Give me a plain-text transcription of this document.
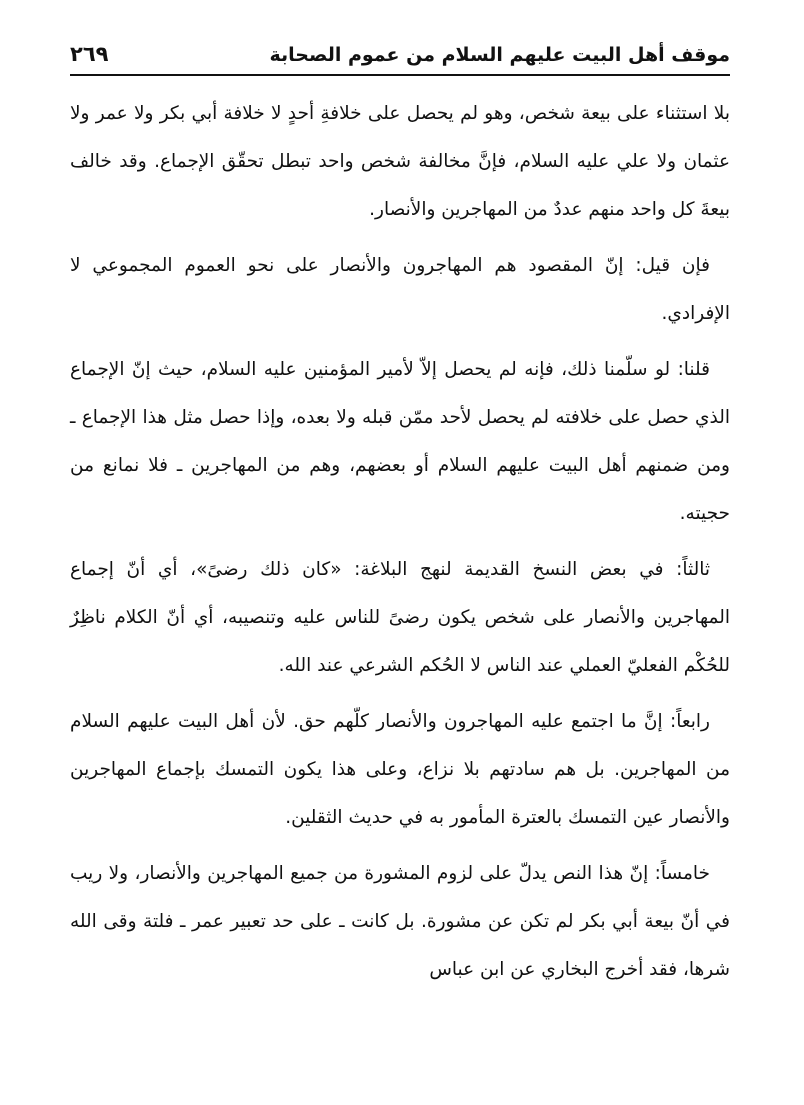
موقف أهل البيت عليهم السلام من عموم الصحابة
٢٦٩

بلا استثناء على بيعة شخص، وهو لم يحصل على خلافةِ أحدٍ لا خلافة أبي بكر ولا عمر ولا عثمان ولا علي عليه السلام، فإنَّ مخالفة شخص واحد تبطل تحقّق الإجماع. وقد خالف بيعةَ كل واحد منهم عددٌ من المهاجرين والأنصار.

فإن قيل: إنّ المقصود هم المهاجرون والأنصار على نحو العموم المجموعي لا الإفرادي.

قلنا: لو سلّمنا ذلك، فإنه لم يحصل إلاّ لأمير المؤمنين عليه السلام، حيث إنّ الإجماع الذي حصل على خلافته لم يحصل لأحد ممّن قبله ولا بعده، وإذا حصل مثل هذا الإجماع ـ ومن ضمنهم أهل البيت عليهم السلام أو بعضهم، وهم من المهاجرين ـ فلا نمانع من حجيته.

ثالثاً: في بعض النسخ القديمة لنهج البلاغة: «كان ذلك رضىً»، أي أنّ إجماع المهاجرين والأنصار على شخص يكون رضىً للناس عليه وتنصيبه، أي أنّ الكلام ناظِرٌ للحُكْم الفعليّ العملي عند الناس لا الحُكم الشرعي عند الله.

رابعاً: إنَّ ما اجتمع عليه المهاجرون والأنصار كلّهم حق. لأن أهل البيت عليهم السلام من المهاجرين. بل هم سادتهم بلا نزاع، وعلى هذا يكون التمسك بإجماع المهاجرين والأنصار عين التمسك بالعترة المأمور به في حديث الثقلين.

خامساً: إنّ هذا النص يدلّ على لزوم المشورة من جميع المهاجرين والأنصار، ولا ريب في أنّ بيعة أبي بكر لم تكن عن مشورة. بل كانت ـ على حد تعبير عمر ـ فلتة وقى الله شرها، فقد أخرج البخاري عن ابن عباس
